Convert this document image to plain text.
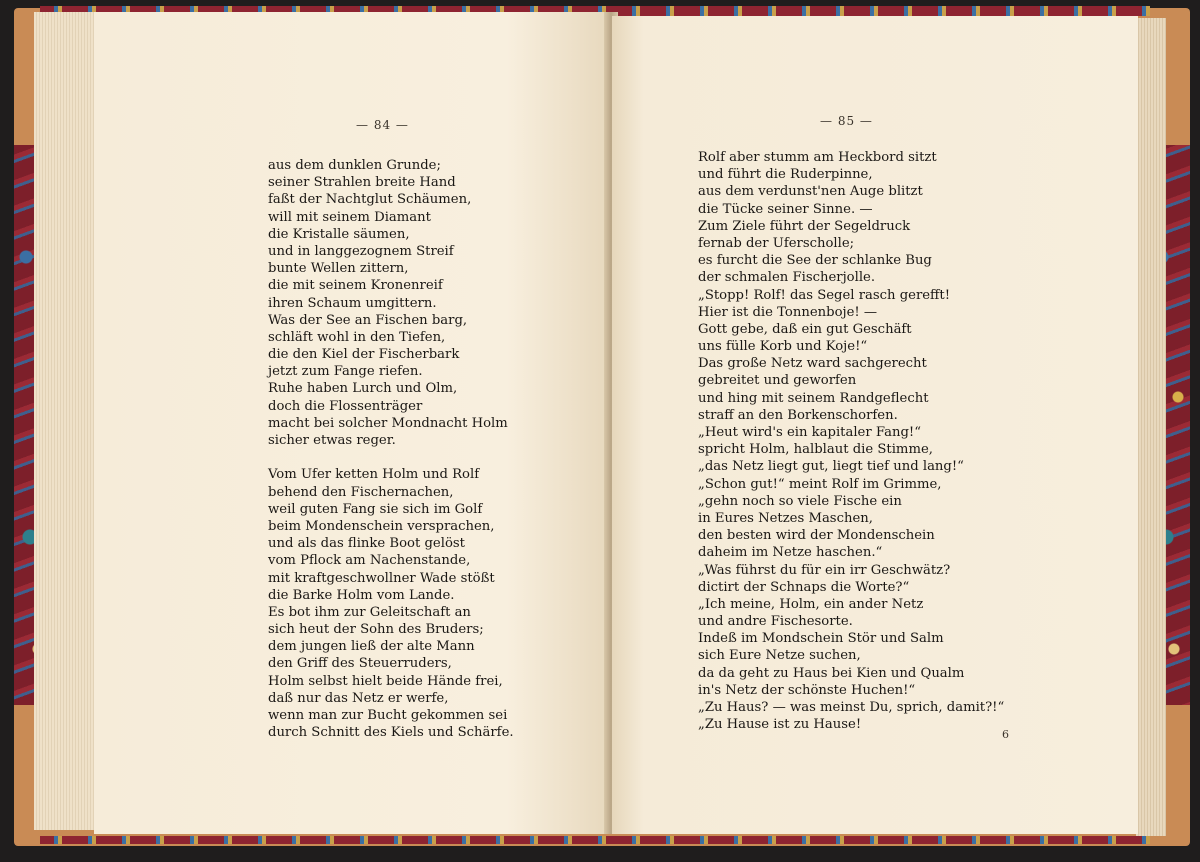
— 84 —
aus dem dunklen Grunde;
seiner Strahlen breite Hand
faßt der Nachtglut Schäumen,
will mit seinem Diamant
die Kristalle säumen,
und in langgezognem Streif
bunte Wellen zittern,
die mit seinem Kronenreif
ihren Schaum umgittern.
Was der See an Fischen barg,
schläft wohl in den Tiefen,
die den Kiel der Fischerbark
jetzt zum Fange riefen.
Ruhe haben Lurch und Olm,
doch die Flossenträger
macht bei solcher Mondnacht Holm
sicher etwas reger.
Vom Ufer ketten Holm und Rolf
behend den Fischernachen,
weil guten Fang sie sich im Golf
beim Mondenschein versprachen,
und als das flinke Boot gelöst
vom Pflock am Nachenstande,
mit kraftgeschwollner Wade stößt
die Barke Holm vom Lande.
Es bot ihm zur Geleitschaft an
sich heut der Sohn des Bruders;
dem jungen ließ der alte Mann
den Griff des Steuerruders,
Holm selbst hielt beide Hände frei,
daß nur das Netz er werfe,
wenn man zur Bucht gekommen sei
durch Schnitt des Kiels und Schärfe.
— 85 —
Rolf aber stumm am Heckbord sitzt
und führt die Ruderpinne,
aus dem verdunst'nen Auge blitzt
die Tücke seiner Sinne. —
Zum Ziele führt der Segeldruck
fernab der Uferscholle;
es furcht die See der schlanke Bug
der schmalen Fischerjolle.
„Stopp! Rolf! das Segel rasch gerefft!
Hier ist die Tonnenboje! —
Gott gebe, daß ein gut Geschäft
uns fülle Korb und Koje!“
Das große Netz ward sachgerecht
gebreitet und geworfen
und hing mit seinem Randgeflecht
straff an den Borkenschorfen.
„Heut wird's ein kapitaler Fang!“
spricht Holm, halblaut die Stimme,
„das Netz liegt gut, liegt tief und lang!“
„Schon gut!“ meint Rolf im Grimme,
„gehn noch so viele Fische ein
in Eures Netzes Maschen,
den besten wird der Mondenschein
daheim im Netze haschen.“
„Was führst du für ein irr Geschwätz?
dictirt der Schnaps die Worte?“
„Ich meine, Holm, ein ander Netz
und andre Fischesorte.
Indeß im Mondschein Stör und Salm
sich Eure Netze suchen,
da da geht zu Haus bei Kien und Qualm
in's Netz der schönste Huchen!“
„Zu Haus? — was meinst Du, sprich, damit?!“
„Zu Hause ist zu Hause!
6
